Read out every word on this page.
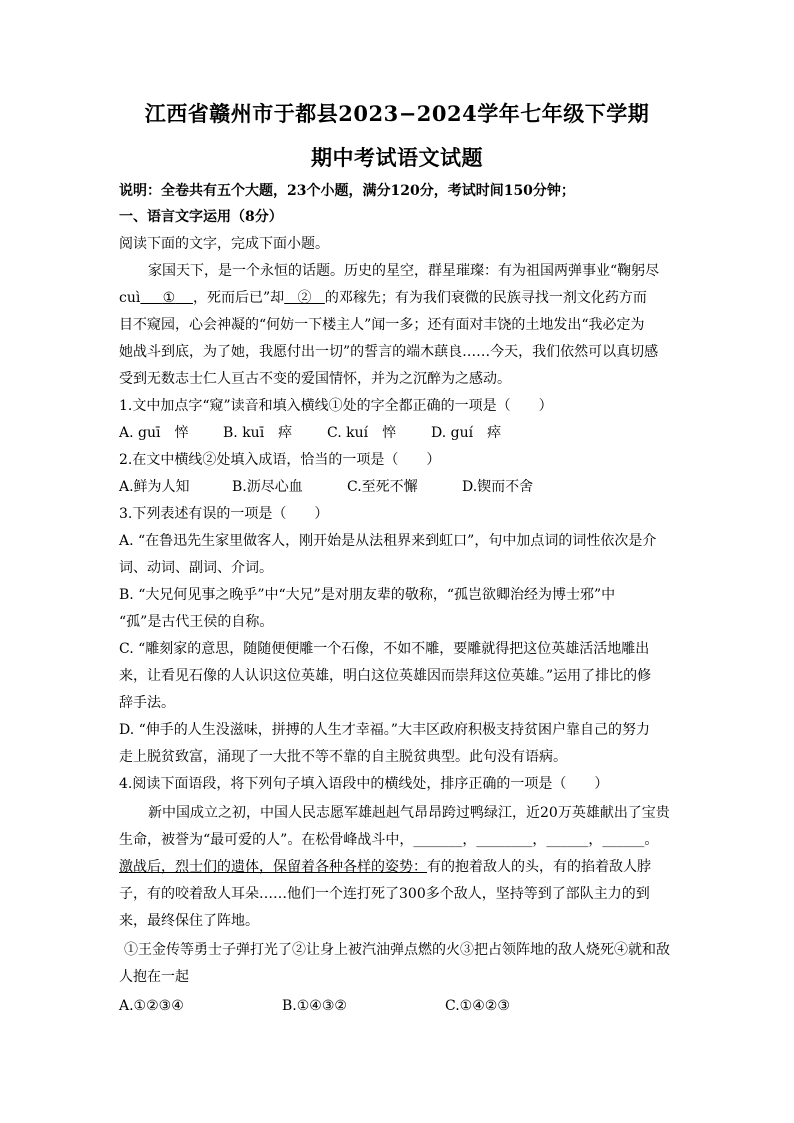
江西省赣州市于都县2023−2024学年七年级下学期
期中考试语文试题
说明：全卷共有五个大题，23个小题，满分120分，考试时间150分钟；
一、语言文字运用（8分）
阅读下面的文字，完成下面小题。
家国天下，是一个永恒的话题。历史的星空，群星璀璨：有为祖国两弹事业“鞠躬尽
cuì ① ，死而后已”却 ② 的邓稼先；有为我们衰微的民族寻找一剂文化药方而
目不窥园，心会神凝的“何妨一下楼主人”闻一多；还有面对丰饶的土地发出“我必定为
她战斗到底，为了她，我愿付出一切”的誓言的端木蕻良……今天，我们依然可以真切感
受到无数志士仁人亘古不变的爱国情怀，并为之沉醉为之感动。
1.文中加点字“窥”读音和填入横线①处的字全都正确的一项是（　　）
A. guī　悴 B. kuī　瘁 C. kuí　悴 D. guí　瘁
2.在文中横线②处填入成语，恰当的一项是（　　）
A.鲜为人知	B.沥尽心血	C.至死不懈	D.锲而不舍
3.下列表述有误的一项是（　　）
A. “在鲁迅先生家里做客人，刚开始是从法租界来到虹口”，句中加点词的词性依次是介
词、动词、副词、介词。
B. “大兄何见事之晚乎”中“大兄”是对朋友辈的敬称，“孤岂欲卿治经为博士邪”中
“孤”是古代王侯的自称。
C. “雕刻家的意思，随随便便雕一个石像，不如不雕，要雕就得把这位英雄活活地雕出
来，让看见石像的人认识这位英雄，明白这位英雄因而崇拜这位英雄。”运用了排比的修
辞手法。
D. “伸手的人生没滋味，拼搏的人生才幸福。”大丰区政府积极支持贫困户靠自己的努力
走上脱贫致富，涌现了一大批不等不靠的自主脱贫典型。此句没有语病。
4.阅读下面语段，将下列句子填入语段中的横线处，排序正确的一项是（　　）
新中国成立之初，中国人民志愿军雄赳赳气昂昂跨过鸭绿江，近20万英雄献出了宝贵
生命，被誉为“最可爱的人”。在松骨峰战斗中，_______，________，______，______。
激战后，烈士们的遗体，保留着各种各样的姿势：有的抱着敌人的头，有的掐着敌人脖
子，有的咬着敌人耳朵……他们一个连打死了300多个敌人，坚持等到了部队主力的到
来，最终保住了阵地。
①王金传等勇士子弹打光了②让身上被汽油弹点燃的火③把占领阵地的敌人烧死④就和敌
人抱在一起
A.①②③④	B.①④③②	C.①④②③
